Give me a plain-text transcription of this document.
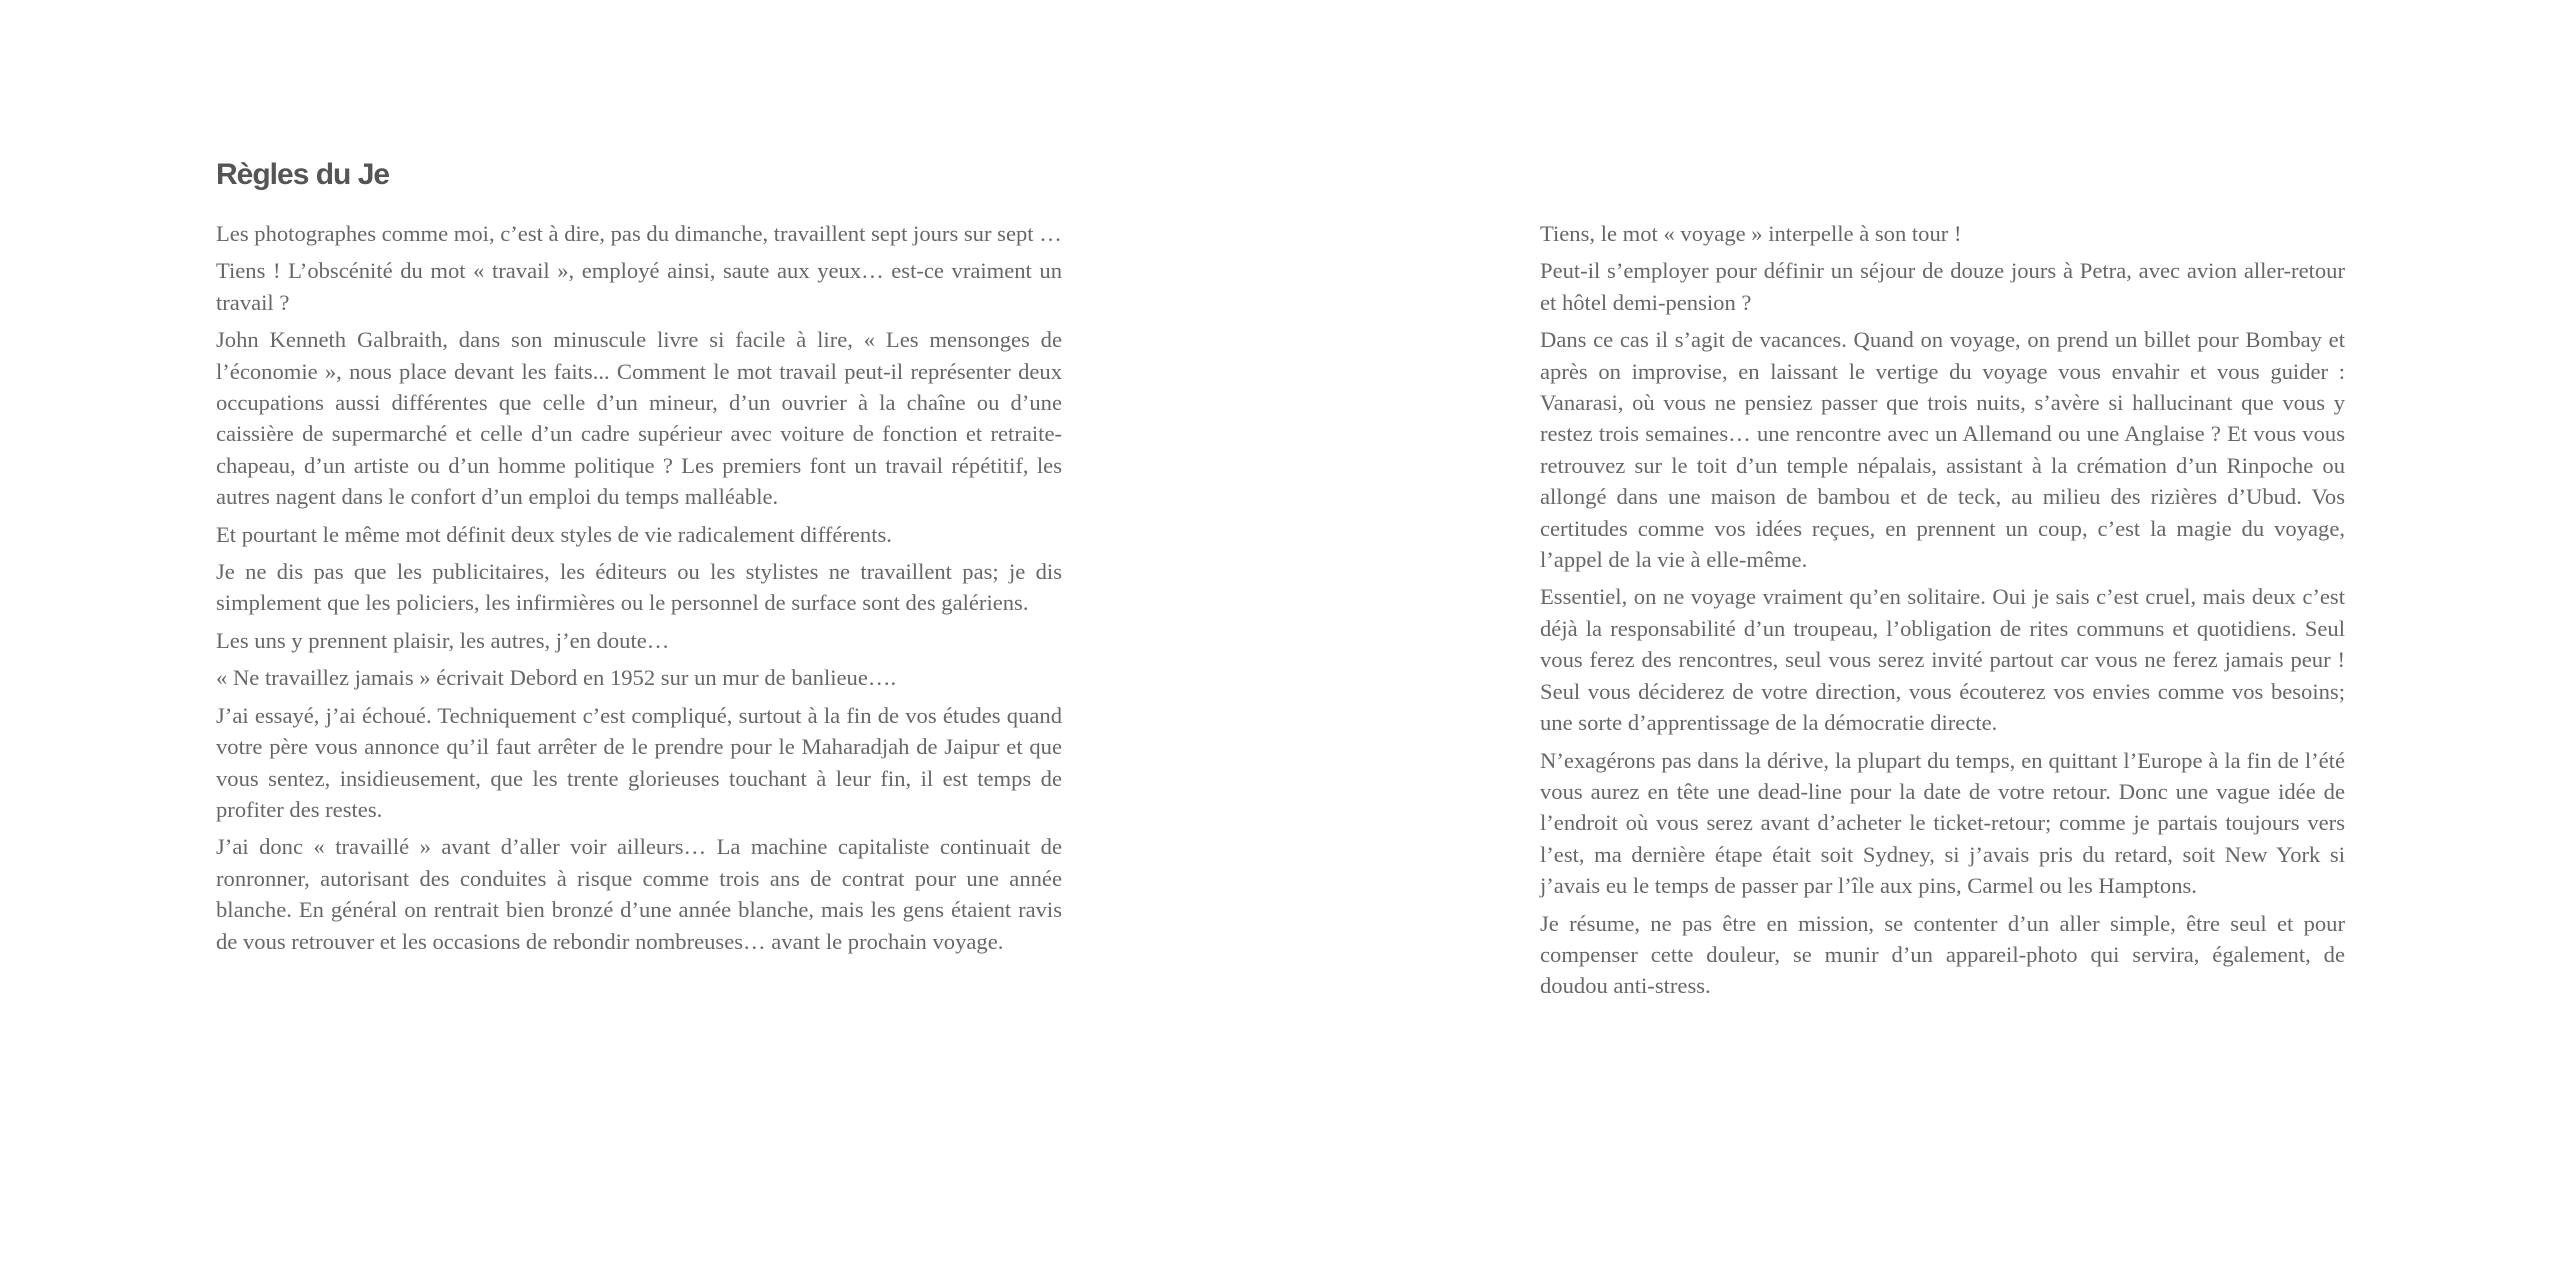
Règles du Je

Les photographes comme moi, c’est à dire, pas du dimanche, travaillent sept jours sur sept …

Tiens ! L’obscénité du mot « travail », employé ainsi, saute aux yeux… est-ce vraiment un travail ?

John Kenneth Galbraith, dans son minuscule livre si facile à lire, « Les mensonges de l’économie », nous place devant les faits... Comment le mot travail peut-il représenter deux occupations aussi différentes que celle d’un mineur, d’un ouvrier à la chaîne ou d’une caissière de supermarché et celle d’un cadre supérieur avec voiture de fonction et retraite-chapeau, d’un artiste ou d’un homme politique ? Les premiers font un travail répétitif, les autres nagent dans le confort d’un emploi du temps malléable.

Et pourtant le même mot définit deux styles de vie radicalement différents.

Je ne dis pas que les publicitaires, les éditeurs ou les stylistes ne travaillent pas; je dis simplement que les policiers, les infirmières ou le personnel de surface sont des galériens.

Les uns y prennent plaisir, les autres, j’en doute…

« Ne travaillez jamais » écrivait Debord en 1952 sur un mur de banlieue….

J’ai essayé, j’ai échoué. Techniquement c’est compliqué, surtout à la fin de vos études quand votre père vous annonce qu’il faut arrêter de le prendre pour le Maharadjah de Jaipur et que vous sentez, insidieusement, que les trente glorieuses touchant à leur fin, il est temps de profiter des restes.

J’ai donc « travaillé » avant d’aller voir ailleurs… La machine capitaliste continuait de ronronner, autorisant des conduites à risque comme trois ans de contrat pour une année blanche. En général on rentrait bien bronzé d’une année blanche, mais les gens étaient ravis de vous retrouver et les occasions de rebondir nombreuses… avant le prochain voyage.

Tiens, le mot « voyage » interpelle à son tour !

Peut-il s’employer pour définir un séjour de douze jours à Petra, avec avion aller-retour et hôtel demi-pension ?

Dans ce cas il s’agit de vacances. Quand on voyage, on prend un billet pour Bombay et après on improvise, en laissant le vertige du voyage vous envahir et vous guider : Vanarasi, où vous ne pensiez passer que trois nuits, s’avère si hallucinant que vous y restez trois semaines… une rencontre avec un Allemand ou une Anglaise ? Et vous vous retrouvez sur le toit d’un temple népalais, assistant à la crémation d’un Rinpoche ou allongé dans une maison de bambou et de teck, au milieu des rizières d’Ubud. Vos certitudes comme vos idées reçues, en prennent un coup, c’est la magie du voyage, l’appel de la vie à elle-même.

Essentiel, on ne voyage vraiment qu’en solitaire. Oui je sais c’est cruel, mais deux c’est déjà la responsabilité d’un troupeau, l’obligation de rites communs et quotidiens. Seul vous ferez des rencontres, seul vous serez invité partout car vous ne ferez jamais peur ! Seul vous déciderez de votre direction, vous écouterez vos envies comme vos besoins; une sorte d’apprentissage de la démocratie directe.

N’exagérons pas dans la dérive, la plupart du temps, en quittant l’Europe à la fin de l’été vous aurez en tête une dead-line pour la date de votre retour. Donc une vague idée de l’endroit où vous serez avant d’acheter le ticket-retour; comme je partais toujours vers l’est, ma dernière étape était soit Sydney, si j’avais pris du retard, soit New York si j’avais eu le temps de passer par l’île aux pins, Carmel ou les Hamptons.

Je résume, ne pas être en mission, se contenter d’un aller simple, être seul et pour compenser cette douleur, se munir d’un appareil-photo qui servira, également, de doudou anti-stress.
